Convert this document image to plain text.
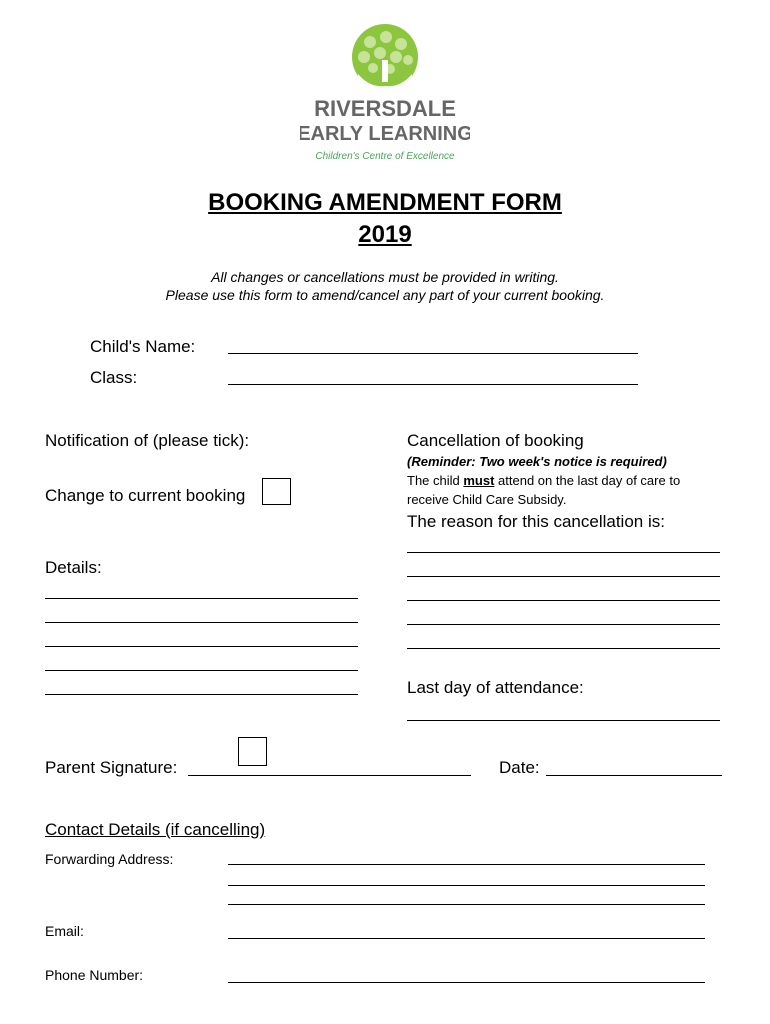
RIVERSDALE
EARLY LEARNING
Children's Centre of Excellence
BOOKING AMENDMENT FORM
2019
All changes or cancellations must be provided in writing.
Please use this form to amend/cancel any part of your current booking.
Child's Name:
Class:
Notification of (please tick):
Change to current booking
Details:
Cancellation of booking
(Reminder: Two week's notice is required)
The child must attend on the last day of care to
receive Child Care Subsidy.
The reason for this cancellation is:
Last day of attendance:
Parent Signature:	Date:
Contact Details (if cancelling)
Forwarding Address:
Email:
Phone Number:
